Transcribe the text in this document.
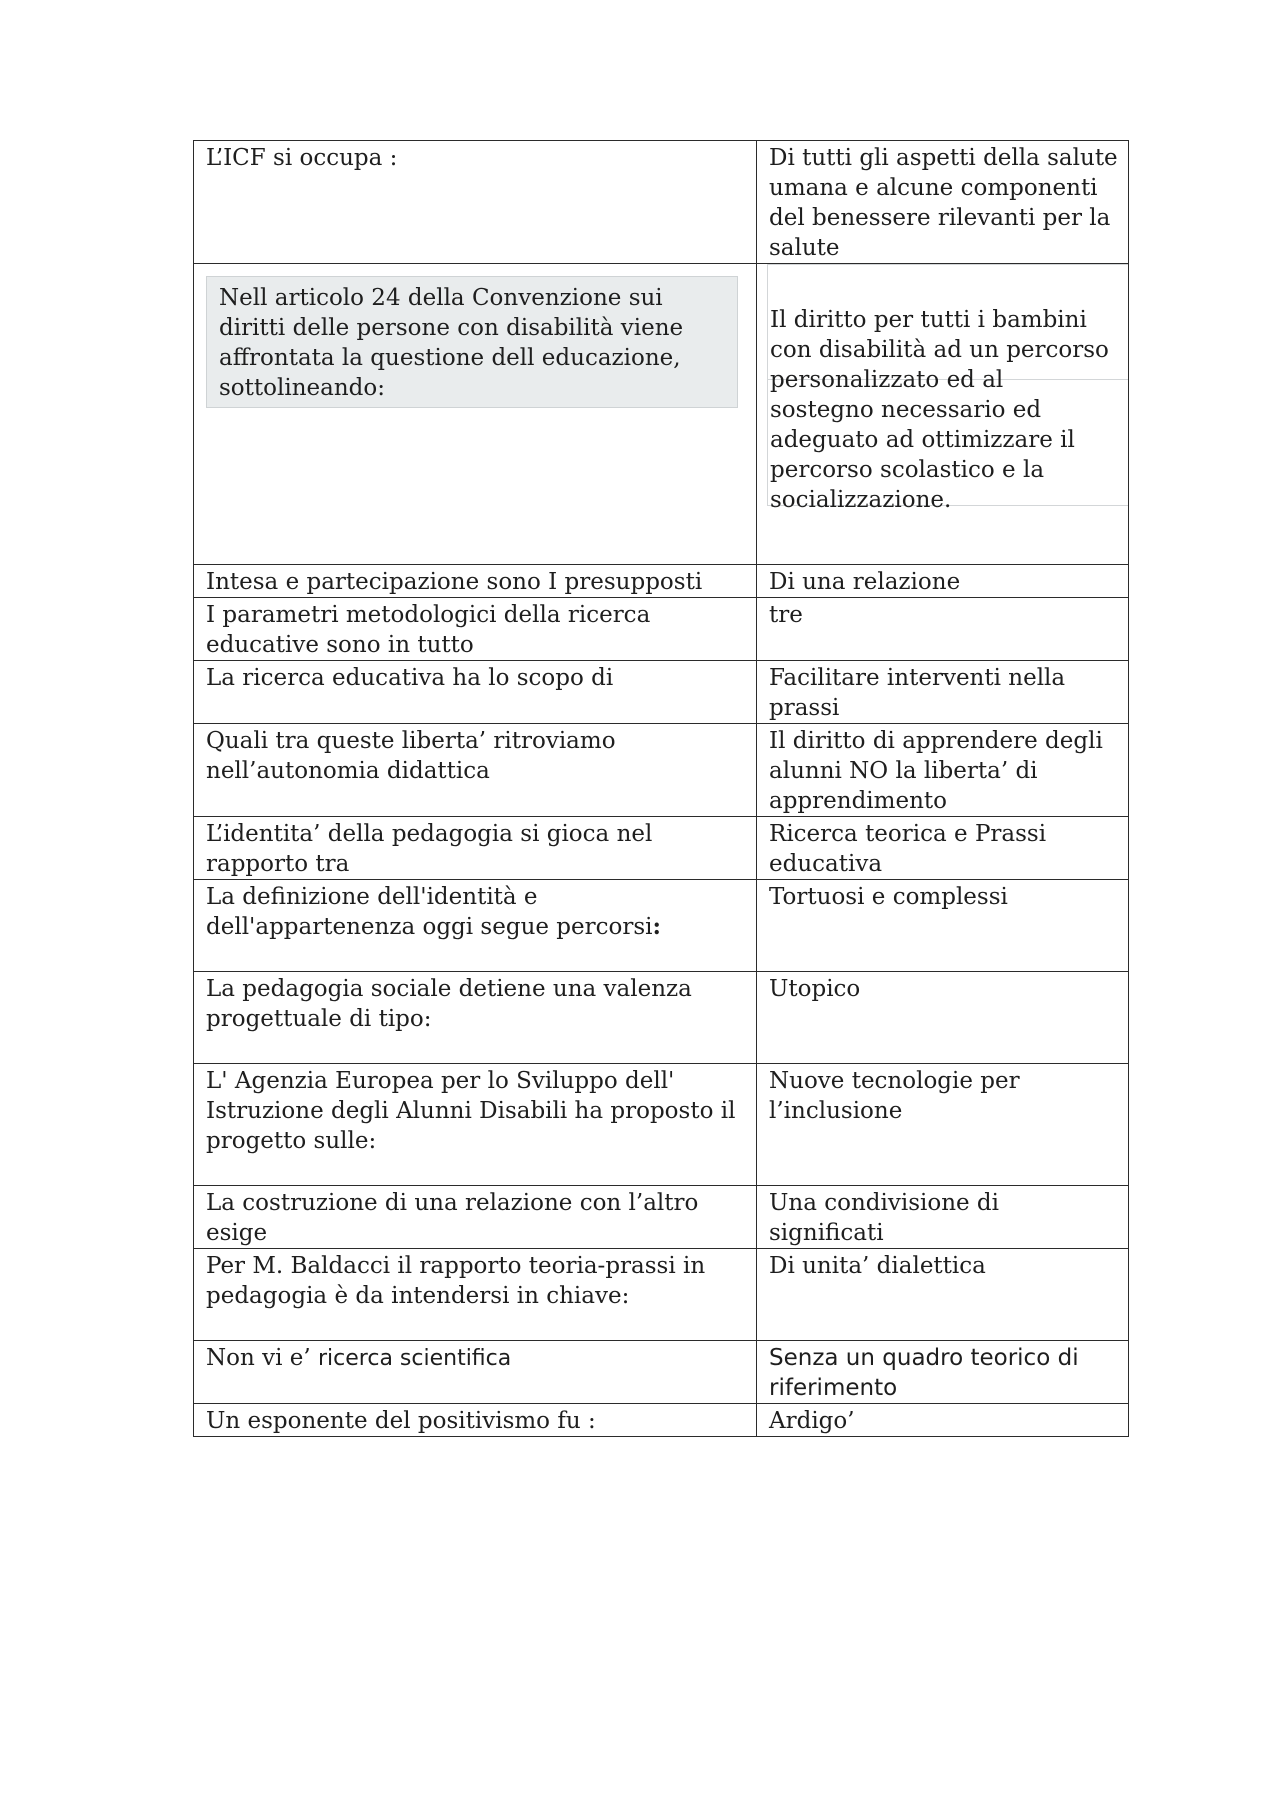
L’ICF si occupa :	Di tutti gli aspetti della salute umana e alcune componenti del benessere rilevanti per la salute

Nell articolo 24 della Convenzione sui diritti delle persone con disabilità viene affrontata la questione dell educazione, sottolineando:	Il diritto per tutti i bambini con disabilità ad un percorso personalizzato ed al sostegno necessario ed adeguato ad ottimizzare il percorso scolastico e la socializzazione.

Intesa e partecipazione sono I presupposti	Di una relazione
I parametri metodologici della ricerca educative sono in tutto	tre
La ricerca educativa ha lo scopo di	Facilitare interventi nella prassi
Quali tra queste liberta’ ritroviamo nell’autonomia didattica	Il diritto di apprendere degli alunni NO la liberta’ di apprendimento
L’identita’ della pedagogia si gioca nel rapporto tra	Ricerca teorica e Prassi educativa
La definizione dell'identità e dell'appartenenza oggi segue percorsi:	Tortuosi e complessi
La pedagogia sociale detiene una valenza progettuale di tipo:	Utopico
L' Agenzia Europea per lo Sviluppo dell' Istruzione degli Alunni Disabili ha proposto il progetto sulle:	Nuove tecnologie per l’inclusione
La costruzione di una relazione con l’altro esige	Una condivisione di significati
Per M. Baldacci il rapporto teoria-prassi in pedagogia è da intendersi in chiave:	Di unita’ dialettica
Non vi e’ ricerca scientifica	Senza un quadro teorico di riferimento
Un esponente del positivismo fu :	Ardigo’
